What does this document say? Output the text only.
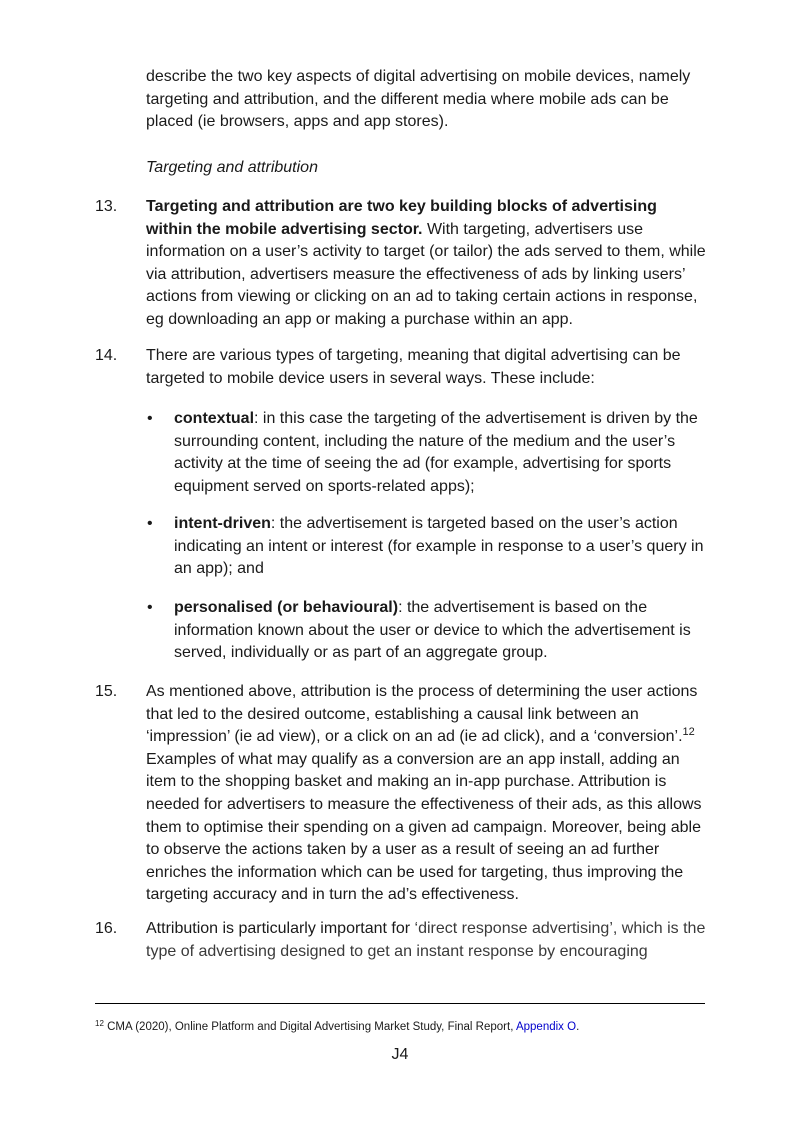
describe the two key aspects of digital advertising on mobile devices, namely targeting and attribution, and the different media where mobile ads can be placed (ie browsers, apps and app stores).
Targeting and attribution
13. Targeting and attribution are two key building blocks of advertising within the mobile advertising sector. With targeting, advertisers use information on a user’s activity to target (or tailor) the ads served to them, while via attribution, advertisers measure the effectiveness of ads by linking users’ actions from viewing or clicking on an ad to taking certain actions in response, eg downloading an app or making a purchase within an app.
14. There are various types of targeting, meaning that digital advertising can be targeted to mobile device users in several ways. These include:
• contextual: in this case the targeting of the advertisement is driven by the surrounding content, including the nature of the medium and the user’s activity at the time of seeing the ad (for example, advertising for sports equipment served on sports-related apps);
• intent-driven: the advertisement is targeted based on the user’s action indicating an intent or interest (for example in response to a user’s query in an app); and
• personalised (or behavioural): the advertisement is based on the information known about the user or device to which the advertisement is served, individually or as part of an aggregate group.
15. As mentioned above, attribution is the process of determining the user actions that led to the desired outcome, establishing a causal link between an ‘impression’ (ie ad view), or a click on an ad (ie ad click), and a ‘conversion’.$^{12}$ Examples of what may qualify as a conversion are an app install, adding an item to the shopping basket and making an in-app purchase. Attribution is needed for advertisers to measure the effectiveness of their ads, as this allows them to optimise their spending on a given ad campaign. Moreover, being able to observe the actions taken by a user as a result of seeing an ad further enriches the information which can be used for targeting, thus improving the targeting accuracy and in turn the ad’s effectiveness.
16. Attribution is particularly important for ‘direct response advertising’, which is the type of advertising designed to get an instant response by encouraging
$^{12}$ CMA (2020), Online Platform and Digital Advertising Market Study, Final Report, Appendix O.
J4
